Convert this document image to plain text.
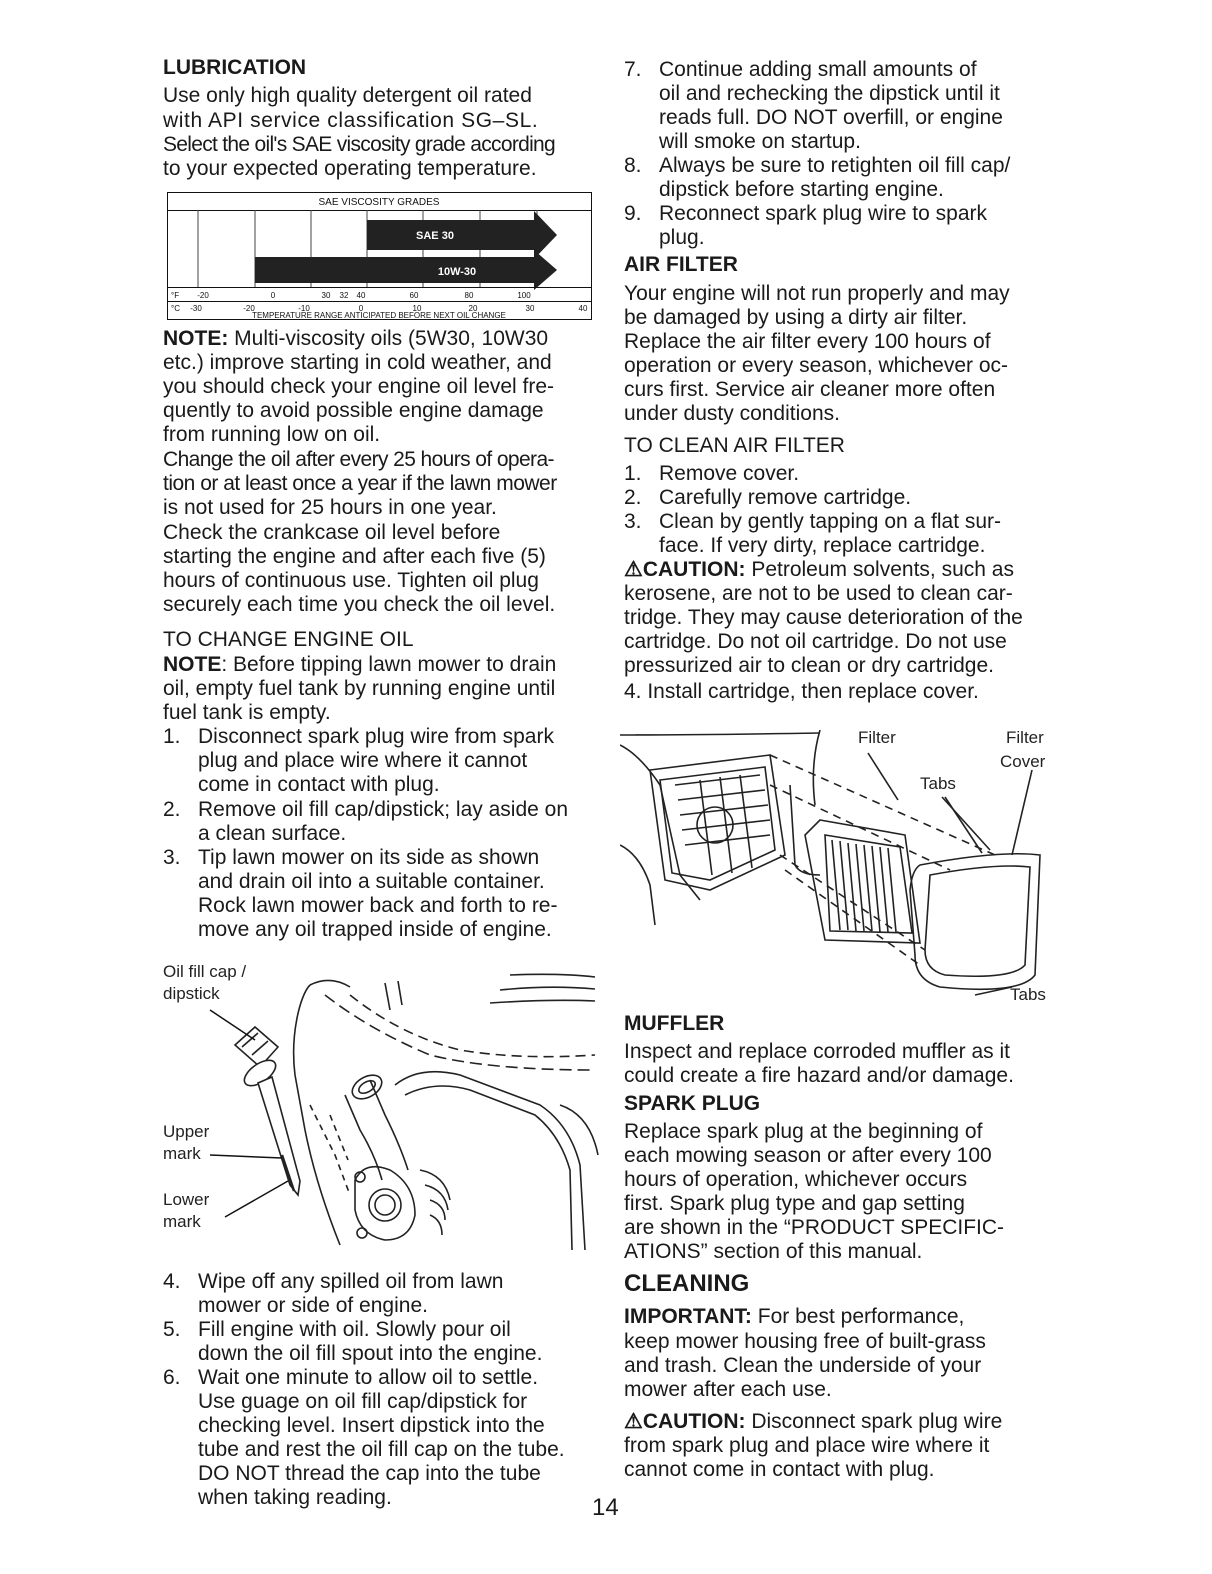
LUBRICATION
Use only high quality detergent oil rated
with API service classification SG–SL.
Select the oil's SAE viscosity grade according
to your expected operating temperature.
SAE VISCOSITY GRADES
SAE 30
10W-30
°F -20	0	30 32 40	60	80	100
°C -30	-20	-10	0	10	20	30	40
TEMPERATURE RANGE ANTICIPATED BEFORE NEXT OIL CHANGE
NOTE: Multi-viscosity oils (5W30, 10W30
etc.) improve starting in cold weather, and
you should check your engine oil level fre-
quently to avoid possible engine damage
from running low on oil.
Change the oil after every 25 hours of opera-
tion or at least once a year if the lawn mower
is not used for 25 hours in one year.
Check the crankcase oil level before
starting the engine and after each five (5)
hours of continuous use. Tighten oil plug
securely each time you check the oil level.
TO CHANGE ENGINE OIL
NOTE: Before tipping lawn mower to drain
oil, empty fuel tank by running engine until
fuel tank is empty.
1. Disconnect spark plug wire from spark
plug and place wire where it cannot
come in contact with plug.
2. Remove oil fill cap/dipstick; lay aside on
a clean surface.
3. Tip lawn mower on its side as shown
and drain oil into a suitable container.
Rock lawn mower back and forth to re-
move any oil trapped inside of engine.
Oil fill cap /
dipstick
Upper
mark
Lower
mark
4. Wipe off any spilled oil from lawn
mower or side of engine.
5. Fill engine with oil. Slowly pour oil
down the oil fill spout into the engine.
6. Wait one minute to allow oil to settle.
Use guage on oil fill cap/dipstick for
checking level. Insert dipstick into the
tube and rest the oil fill cap on the tube.
DO NOT thread the cap into the tube
when taking reading.
7. Continue adding small amounts of
oil and rechecking the dipstick until it
reads full. DO NOT overfill, or engine
will smoke on startup.
8. Always be sure to retighten oil fill cap/
dipstick before starting engine.
9. Reconnect spark plug wire to spark
plug.
AIR FILTER
Your engine will not run properly and may
be damaged by using a dirty air filter.
Replace the air filter every 100 hours of
operation or every season, whichever oc-
curs first. Service air cleaner more often
under dusty conditions.
TO CLEAN AIR FILTER
1. Remove cover.
2. Carefully remove cartridge.
3. Clean by gently tapping on a flat sur-
face. If very dirty, replace cartridge.
⚠CAUTION: Petroleum solvents, such as
kerosene, are not to be used to clean car-
tridge. They may cause deterioration of the
cartridge. Do not oil cartridge. Do not use
pressurized air to clean or dry cartridge.
4. Install cartridge, then replace cover.
Filter	Filter
Cover
Tabs
Tabs
MUFFLER
Inspect and replace corroded muffler as it
could create a fire hazard and/or damage.
SPARK PLUG
Replace spark plug at the beginning of
each mowing season or after every 100
hours of operation, whichever occurs
first. Spark plug type and gap setting
are shown in the “PRODUCT SPECIFIC-
ATIONS” section of this manual.
CLEANING
IMPORTANT: For best performance,
keep mower housing free of built-grass
and trash. Clean the underside of your
mower after each use.
⚠CAUTION: Disconnect spark plug wire
from spark plug and place wire where it
cannot come in contact with plug.
14
